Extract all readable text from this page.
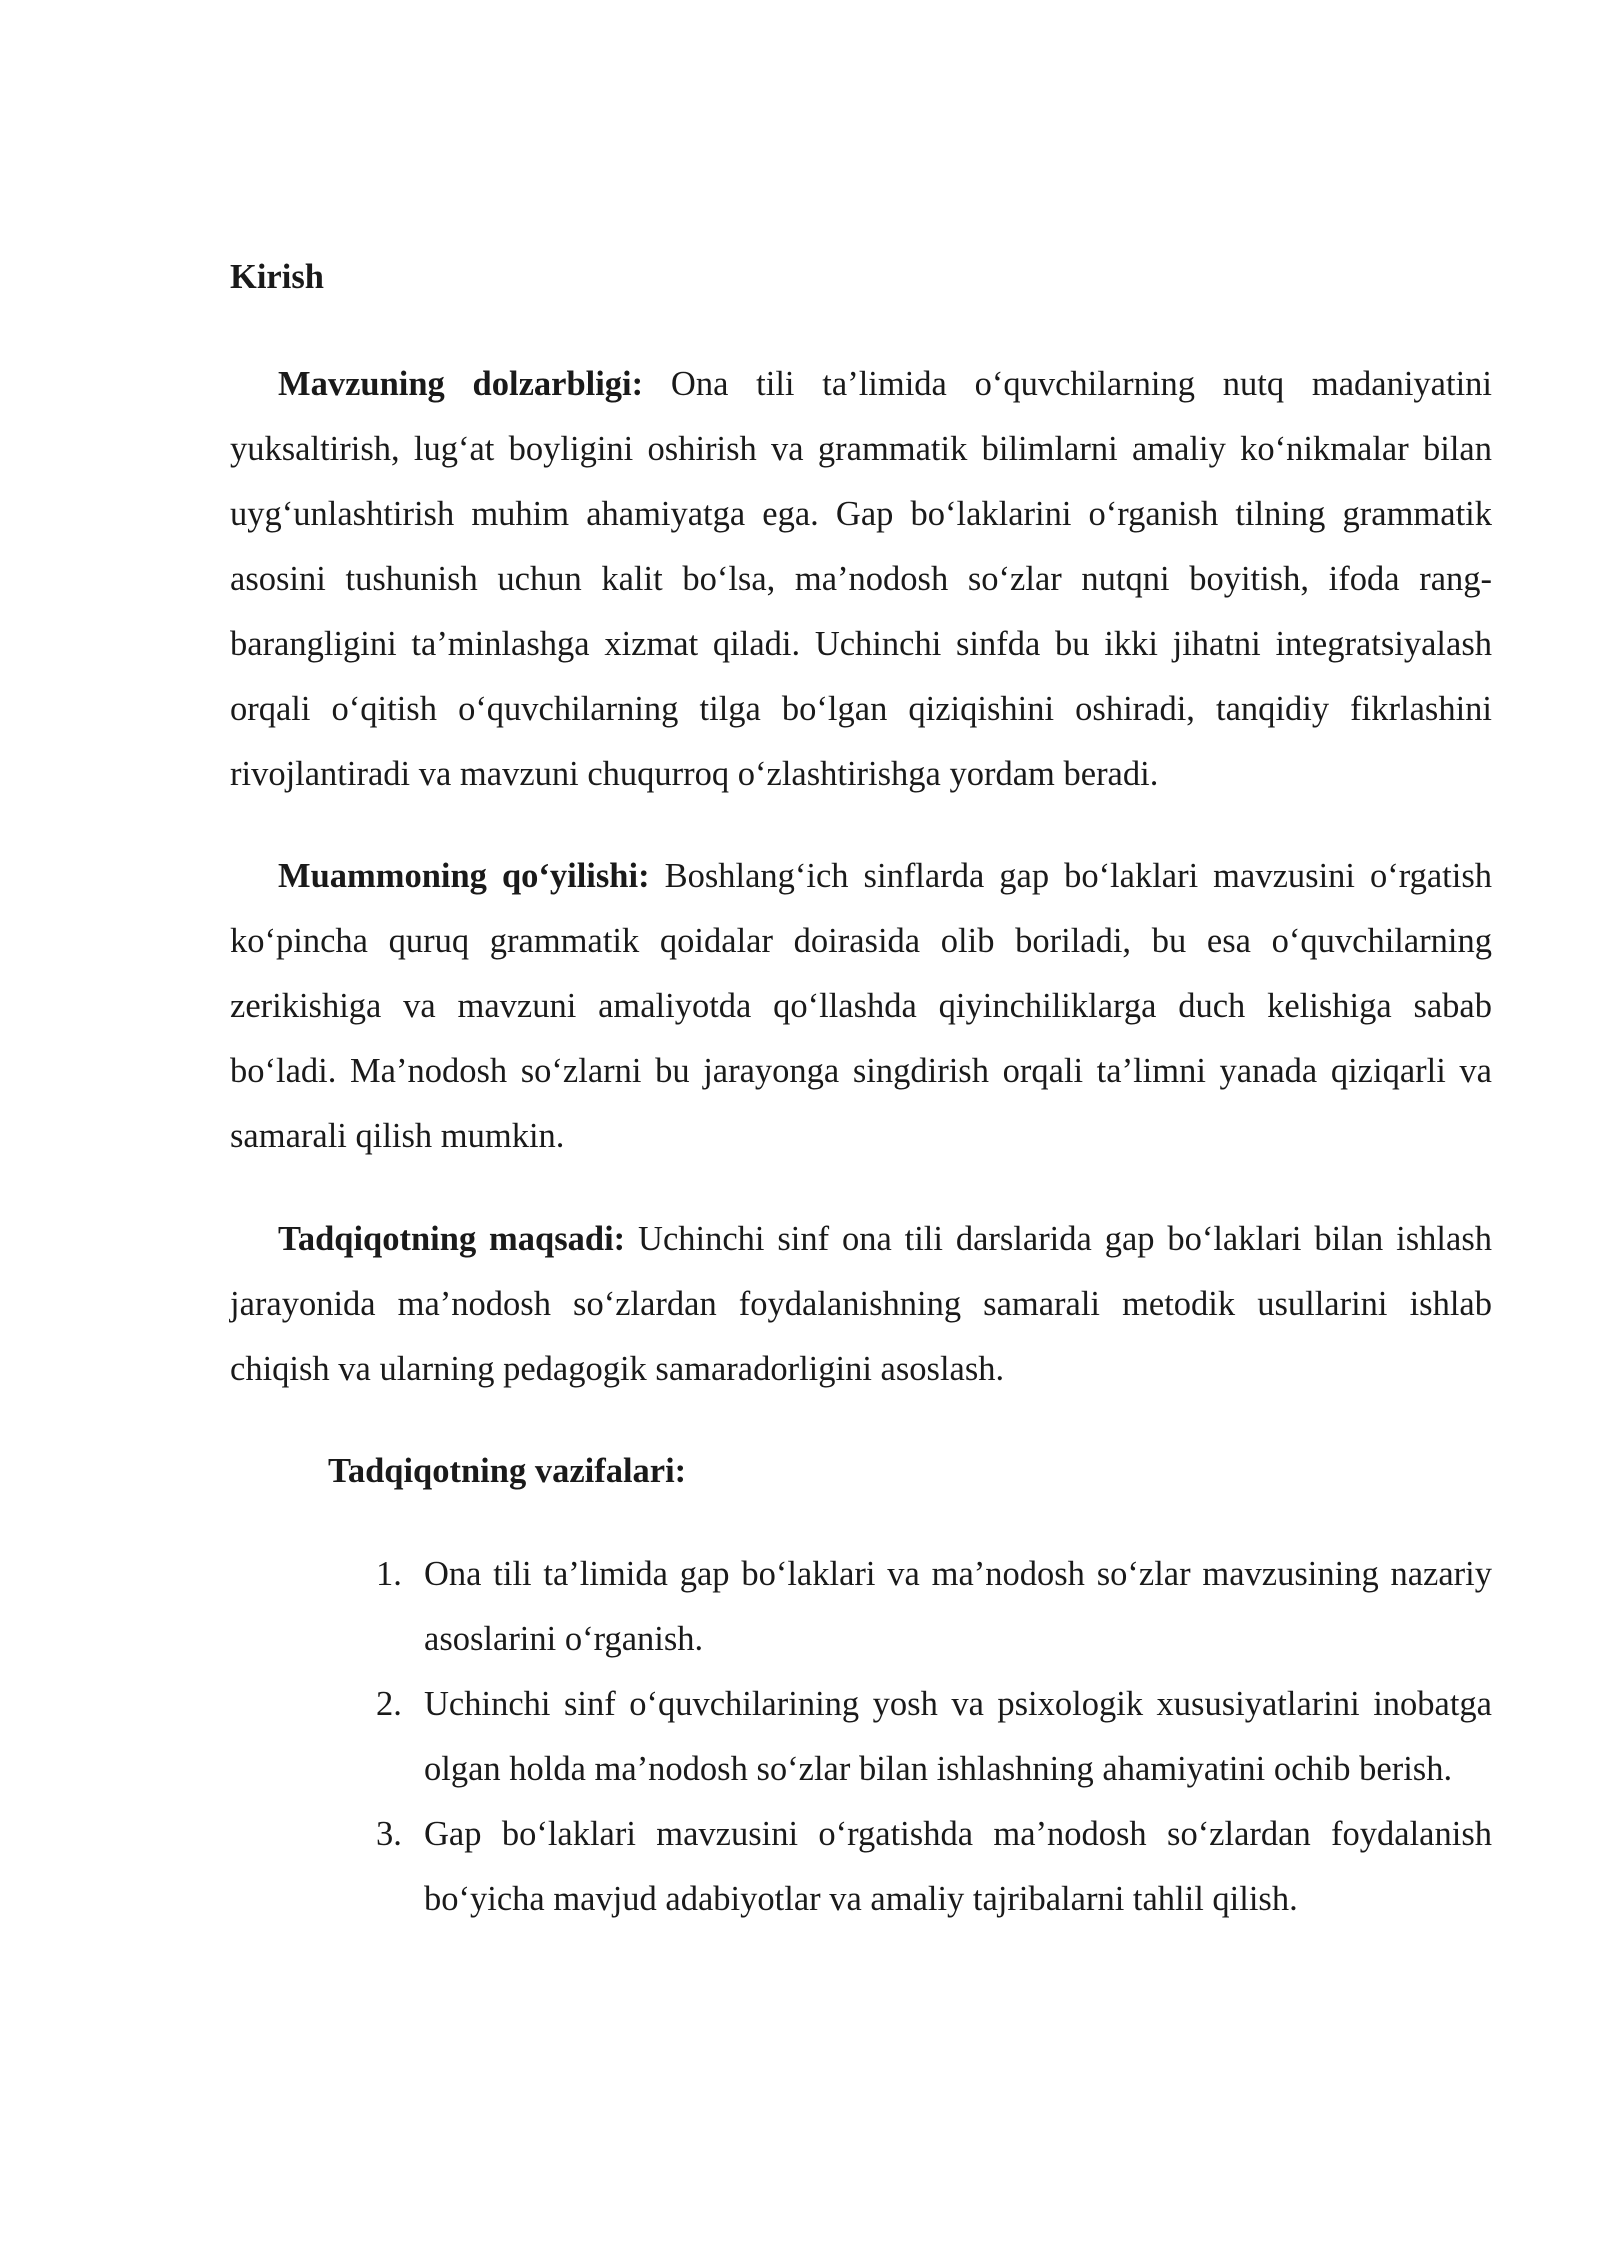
Kirish

Mavzuning dolzarbligi: Ona tili ta’limida o‘quvchilarning nutq madaniyatini yuksaltirish, lug‘at boyligini oshirish va grammatik bilimlarni amaliy ko‘nikmalar bilan uyg‘unlashtirish muhim ahamiyatga ega. Gap bo‘laklarini o‘rganish tilning grammatik asosini tushunish uchun kalit bo‘lsa, ma’nodosh so‘zlar nutqni boyitish, ifoda rang-barangligini ta’minlashga xizmat qiladi. Uchinchi sinfda bu ikki jihatni integratsiyalash orqali o‘qitish o‘quvchilarning tilga bo‘lgan qiziqishini oshiradi, tanqidiy fikrlashini rivojlantiradi va mavzuni chuqurroq o‘zlashtirishga yordam beradi.

Muammoning qo‘yilishi: Boshlang‘ich sinflarda gap bo‘laklari mavzusini o‘rgatish ko‘pincha quruq grammatik qoidalar doirasida olib boriladi, bu esa o‘quvchilarning zerikishiga va mavzuni amaliyotda qo‘llashda qiyinchiliklarga duch kelishiga sabab bo‘ladi. Ma’nodosh so‘zlarni bu jarayonga singdirish orqali ta’limni yanada qiziqarli va samarali qilish mumkin.

Tadqiqotning maqsadi: Uchinchi sinf ona tili darslarida gap bo‘laklari bilan ishlash jarayonida ma’nodosh so‘zlardan foydalanishning samarali metodik usullarini ishlab chiqish va ularning pedagogik samaradorligini asoslash.

Tadqiqotning vazifalari:

1. Ona tili ta’limida gap bo‘laklari va ma’nodosh so‘zlar mavzusining nazariy asoslarini o‘rganish.
2. Uchinchi sinf o‘quvchilarining yosh va psixologik xususiyatlarini inobatga olgan holda ma’nodosh so‘zlar bilan ishlashning ahamiyatini ochib berish.
3. Gap bo‘laklari mavzusini o‘rgatishda ma’nodosh so‘zlardan foydalanish bo‘yicha mavjud adabiyotlar va amaliy tajribalarni tahlil qilish.
